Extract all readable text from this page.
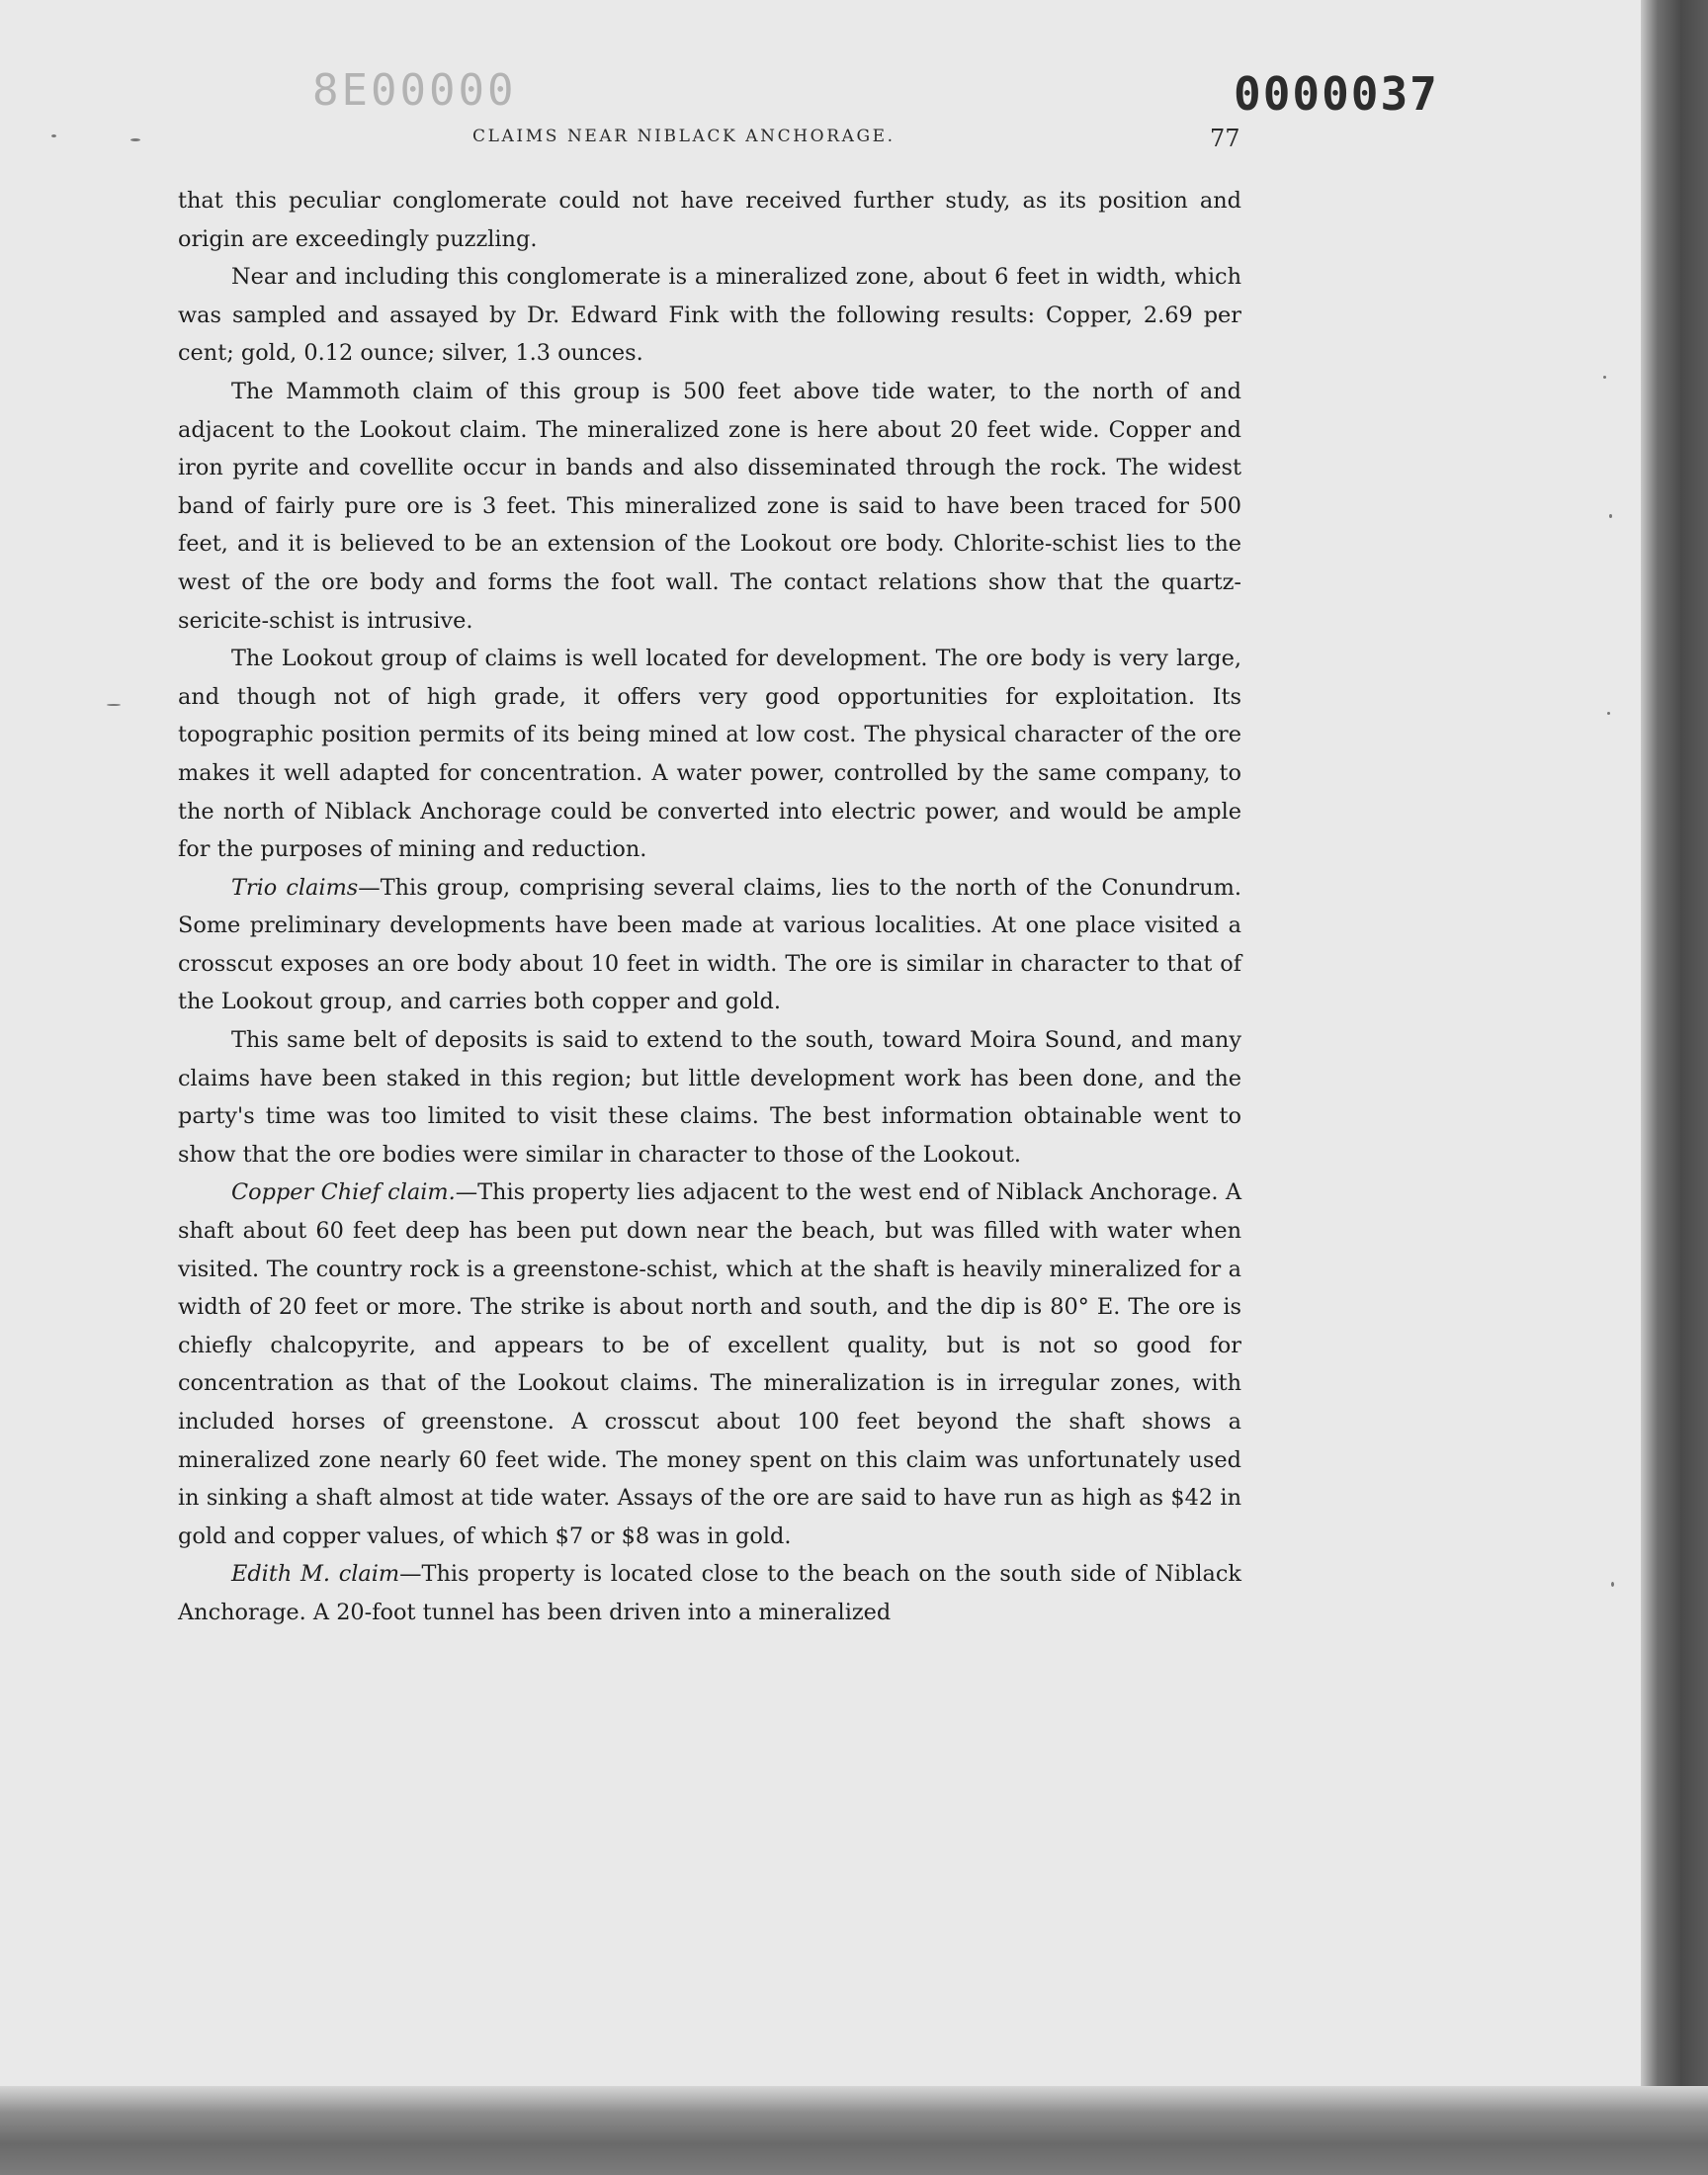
8E00000	0000037
CLAIMS NEAR NIBLACK ANCHORAGE.	77

that this peculiar conglomerate could not have received further study, as its position and origin are exceedingly puzzling.

Near and including this conglomerate is a mineralized zone, about 6 feet in width, which was sampled and assayed by Dr. Edward Fink with the following results: Copper, 2.69 per cent; gold, 0.12 ounce; silver, 1.3 ounces.

The Mammoth claim of this group is 500 feet above tide water, to the north of and adjacent to the Lookout claim. The mineralized zone is here about 20 feet wide. Copper and iron pyrite and covellite occur in bands and also disseminated through the rock. The widest band of fairly pure ore is 3 feet. This mineralized zone is said to have been traced for 500 feet, and it is believed to be an extension of the Lookout ore body. Chlorite-schist lies to the west of the ore body and forms the foot wall. The contact relations show that the quartz-sericite-schist is intrusive.

The Lookout group of claims is well located for development. The ore body is very large, and though not of high grade, it offers very good opportunities for exploitation. Its topographic position permits of its being mined at low cost. The physical character of the ore makes it well adapted for concentration. A water power, controlled by the same company, to the north of Niblack Anchorage could be converted into electric power, and would be ample for the purposes of mining and reduction.

Trio claims—This group, comprising several claims, lies to the north of the Conundrum. Some preliminary developments have been made at various localities. At one place visited a crosscut exposes an ore body about 10 feet in width. The ore is similar in character to that of the Lookout group, and carries both copper and gold.

This same belt of deposits is said to extend to the south, toward Moira Sound, and many claims have been staked in this region; but little development work has been done, and the party's time was too limited to visit these claims. The best information obtainable went to show that the ore bodies were similar in character to those of the Lookout.

Copper Chief claim.—This property lies adjacent to the west end of Niblack Anchorage. A shaft about 60 feet deep has been put down near the beach, but was filled with water when visited. The country rock is a greenstone-schist, which at the shaft is heavily mineralized for a width of 20 feet or more. The strike is about north and south, and the dip is 80° E. The ore is chiefly chalcopyrite, and appears to be of excellent quality, but is not so good for concentration as that of the Lookout claims. The mineralization is in irregular zones, with included horses of greenstone. A crosscut about 100 feet beyond the shaft shows a mineralized zone nearly 60 feet wide. The money spent on this claim was unfortunately used in sinking a shaft almost at tide water. Assays of the ore are said to have run as high as $42 in gold and copper values, of which $7 or $8 was in gold.

Edith M. claim—This property is located close to the beach on the south side of Niblack Anchorage. A 20-foot tunnel has been driven into a mineralized
